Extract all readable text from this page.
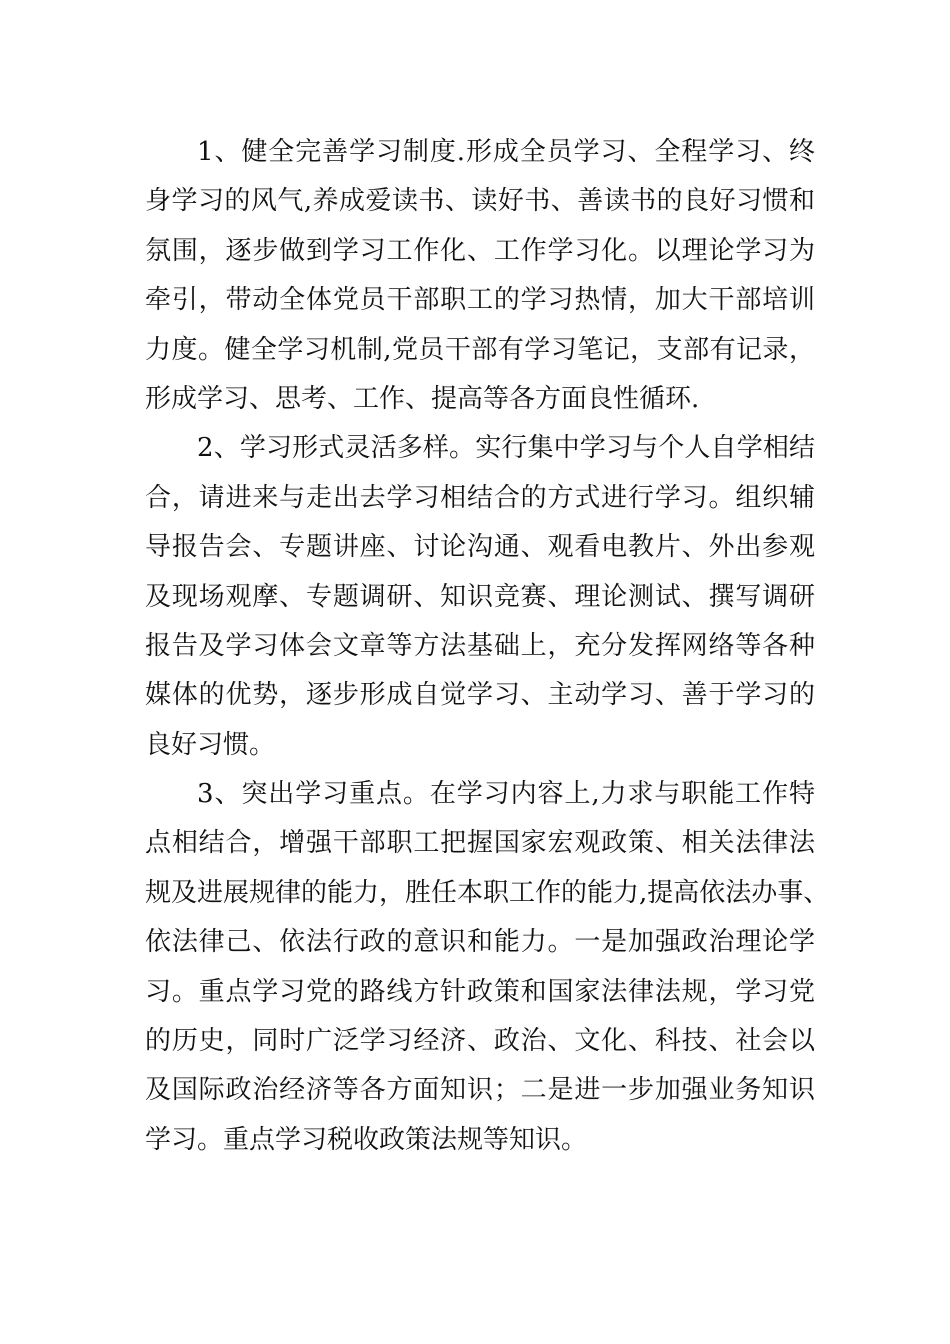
1、健全完善学习制度.形成全员学习、全程学习、终
身学习的风气,养成爱读书、读好书、善读书的良好习惯和
氛围，逐步做到学习工作化、工作学习化。以理论学习为
牵引，带动全体党员干部职工的学习热情，加大干部培训
力度。健全学习机制,党员干部有学习笔记，支部有记录，
形成学习、思考、工作、提高等各方面良性循环.
2、学习形式灵活多样。实行集中学习与个人自学相结
合，请进来与走出去学习相结合的方式进行学习。组织辅
导报告会、专题讲座、讨论沟通、观看电教片、外出参观
及现场观摩、专题调研、知识竞赛、理论测试、撰写调研
报告及学习体会文章等方法基础上，充分发挥网络等各种
媒体的优势，逐步形成自觉学习、主动学习、善于学习的
良好习惯。
3、突出学习重点。在学习内容上,力求与职能工作特
点相结合，增强干部职工把握国家宏观政策、相关法律法
规及进展规律的能力，胜任本职工作的能力,提高依法办事、
依法律己、依法行政的意识和能力。一是加强政治理论学
习。重点学习党的路线方针政策和国家法律法规，学习党
的历史，同时广泛学习经济、政治、文化、科技、社会以
及国际政治经济等各方面知识；二是进一步加强业务知识
学习。重点学习税收政策法规等知识。
